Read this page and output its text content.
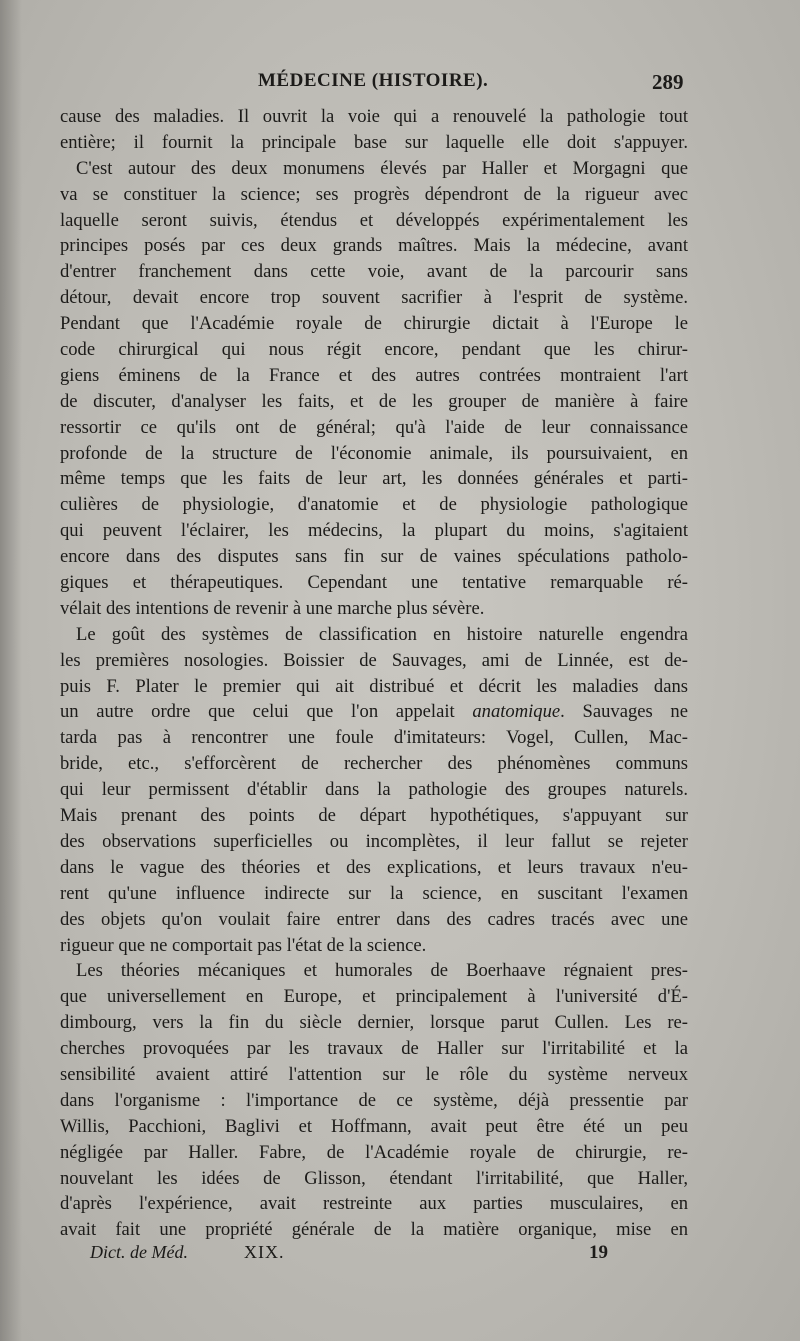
MÉDECINE (HISTOIRE).	289
cause des maladies. Il ouvrit la voie qui a renouvelé la pathologie tout
entière; il fournit la principale base sur laquelle elle doit s'appuyer.
C'est autour des deux monumens élevés par Haller et Morgagni que
va se constituer la science; ses progrès dépendront de la rigueur avec
laquelle seront suivis, étendus et développés expérimentalement les
principes posés par ces deux grands maîtres. Mais la médecine, avant
d'entrer franchement dans cette voie, avant de la parcourir sans
détour, devait encore trop souvent sacrifier à l'esprit de système.
Pendant que l'Académie royale de chirurgie dictait à l'Europe le
code chirurgical qui nous régit encore, pendant que les chirur-
giens éminens de la France et des autres contrées montraient l'art
de discuter, d'analyser les faits, et de les grouper de manière à faire
ressortir ce qu'ils ont de général; qu'à l'aide de leur connaissance
profonde de la structure de l'économie animale, ils poursuivaient, en
même temps que les faits de leur art, les données générales et parti-
culières de physiologie, d'anatomie et de physiologie pathologique
qui peuvent l'éclairer, les médecins, la plupart du moins, s'agitaient
encore dans des disputes sans fin sur de vaines spéculations patholo-
giques et thérapeutiques. Cependant une tentative remarquable ré-
vélait des intentions de revenir à une marche plus sévère.
Le goût des systèmes de classification en histoire naturelle engendra
les premières nosologies. Boissier de Sauvages, ami de Linnée, est de-
puis F. Plater le premier qui ait distribué et décrit les maladies dans
un autre ordre que celui que l'on appelait anatomique. Sauvages ne
tarda pas à rencontrer une foule d'imitateurs: Vogel, Cullen, Mac-
bride, etc., s'efforcèrent de rechercher des phénomènes communs
qui leur permissent d'établir dans la pathologie des groupes naturels.
Mais prenant des points de départ hypothétiques, s'appuyant sur
des observations superficielles ou incomplètes, il leur fallut se rejeter
dans le vague des théories et des explications, et leurs travaux n'eu-
rent qu'une influence indirecte sur la science, en suscitant l'examen
des objets qu'on voulait faire entrer dans des cadres tracés avec une
rigueur que ne comportait pas l'état de la science.
Les théories mécaniques et humorales de Boerhaave régnaient pres-
que universellement en Europe, et principalement à l'université d'É-
dimbourg, vers la fin du siècle dernier, lorsque parut Cullen. Les re-
cherches provoquées par les travaux de Haller sur l'irritabilité et la
sensibilité avaient attiré l'attention sur le rôle du système nerveux
dans l'organisme : l'importance de ce système, déjà pressentie par
Willis, Pacchioni, Baglivi et Hoffmann, avait peut être été un peu
négligée par Haller. Fabre, de l'Académie royale de chirurgie, re-
nouvelant les idées de Glisson, étendant l'irritabilité, que Haller,
d'après l'expérience, avait restreinte aux parties musculaires, en
avait fait une propriété générale de la matière organique, mise en
Dict. de Méd.	XIX.	19
